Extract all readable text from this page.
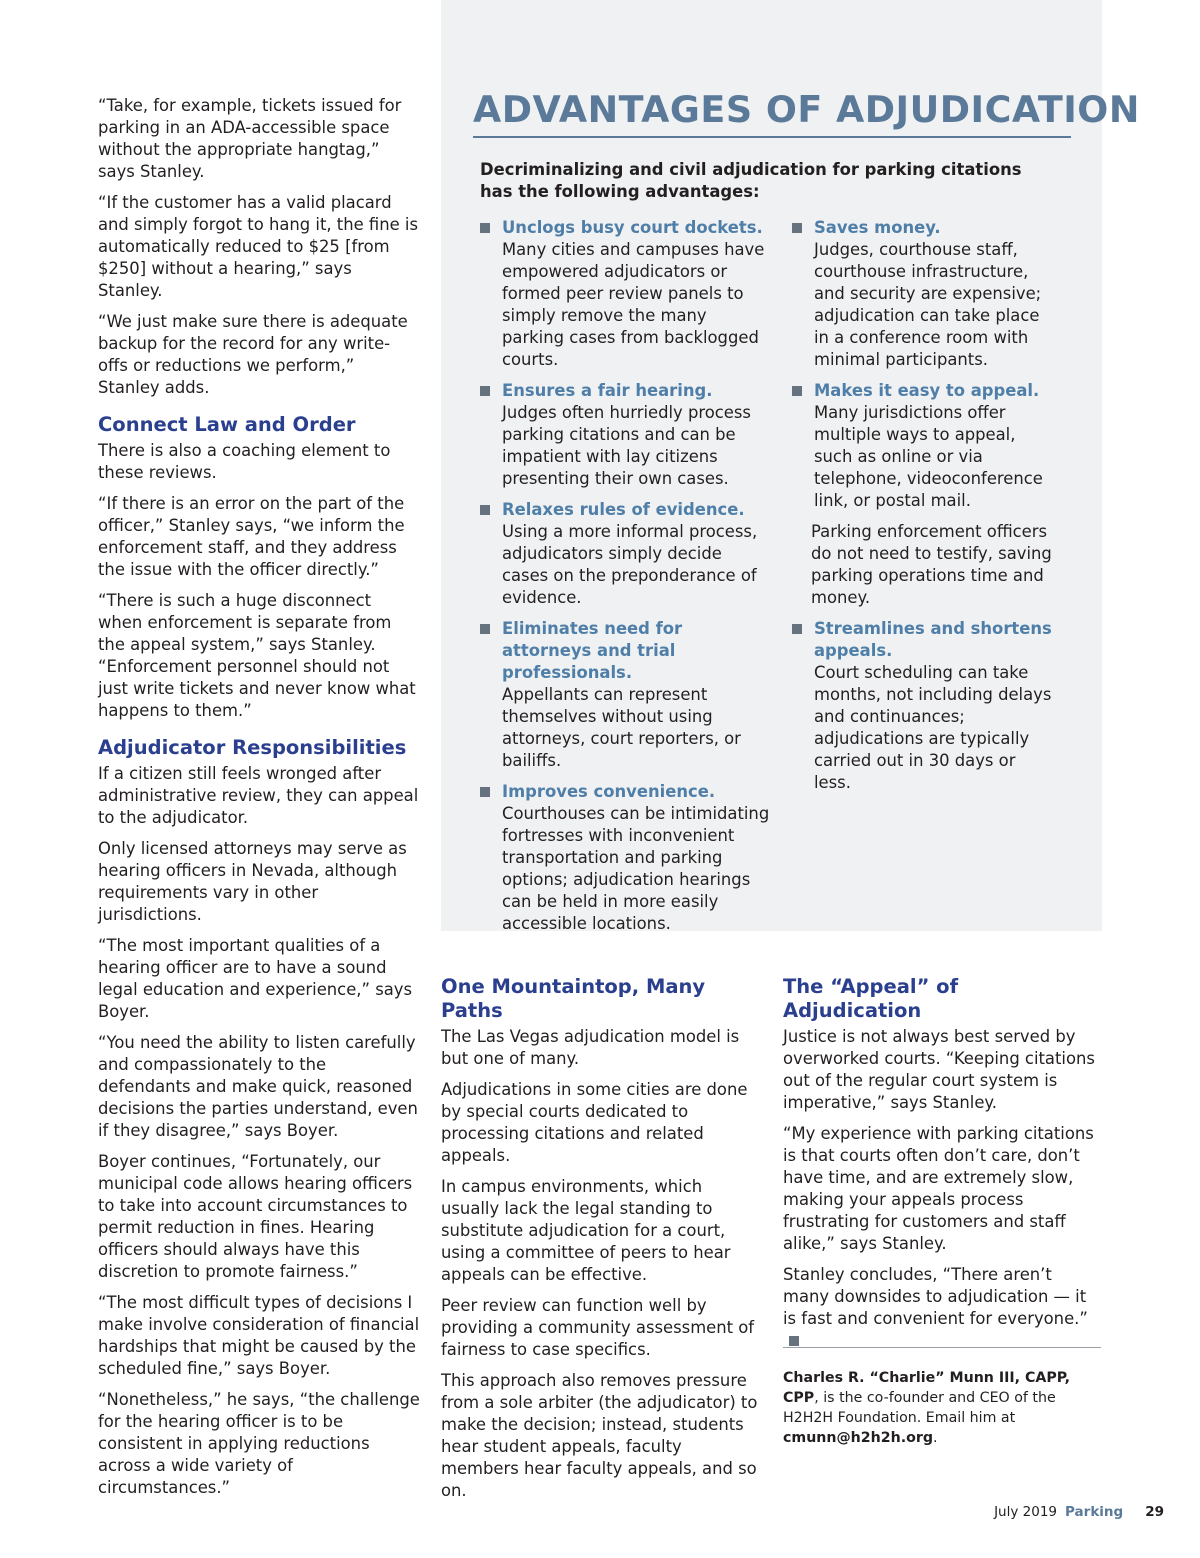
“Take, for example, tickets issued for parking in an ADA-accessible space without the appropriate hangtag,” says Stanley.

“If the customer has a valid placard and simply forgot to hang it, the fine is automatically reduced to $25 [from $250] without a hearing,” says Stanley.

“We just make sure there is adequate backup for the record for any write-offs or reductions we perform,” Stanley adds.

Connect Law and Order

There is also a coaching element to these reviews.

“If there is an error on the part of the officer,” Stanley says, “we inform the enforcement staff, and they address the issue with the officer directly.”

“There is such a huge disconnect when enforcement is separate from the appeal system,” says Stanley. “Enforcement personnel should not just write tickets and never know what happens to them.”

Adjudicator Responsibilities

If a citizen still feels wronged after administrative review, they can appeal to the adjudicator.

Only licensed attorneys may serve as hearing officers in Nevada, although requirements vary in other jurisdictions.

“The most important qualities of a hearing officer are to have a sound legal education and experience,” says Boyer.

“You need the ability to listen carefully and compassionately to the defendants and make quick, reasoned decisions the parties understand, even if they disagree,” says Boyer.

Boyer continues, “Fortunately, our municipal code allows hearing officers to take into account circumstances to permit reduction in fines. Hearing officers should always have this discretion to promote fairness.”

“The most difficult types of decisions I make involve consideration of financial hardships that might be caused by the scheduled fine,” says Boyer.

“Nonetheless,” he says, “the challenge for the hearing officer is to be consistent in applying reductions across a wide variety of circumstances.”

ADVANTAGES OF ADJUDICATION
Decriminalizing and civil adjudication for parking citations has the following advantages:
Unclogs busy court dockets.
Many cities and campuses have empowered adjudicators or formed peer review panels to simply remove the many parking cases from backlogged courts.
Ensures a fair hearing.
Judges often hurriedly process parking citations and can be impatient with lay citizens presenting their own cases.
Relaxes rules of evidence.
Using a more informal process, adjudicators simply decide cases on the preponderance of evidence.
Eliminates need for attorneys and trial professionals.
Appellants can represent themselves without using attorneys, court reporters, or bailiffs.
Improves convenience.
Courthouses can be intimidating fortresses with inconvenient transportation and parking options; adjudication hearings can be held in more easily accessible locations.
Saves money.
Judges, courthouse staff, courthouse infrastructure, and security are expensive; adjudication can take place in a conference room with minimal participants.
Makes it easy to appeal.
Many jurisdictions offer multiple ways to appeal, such as online or via telephone, videoconference link, or postal mail.
Parking enforcement officers do not need to testify, saving parking operations time and money.
Streamlines and shortens appeals.
Court scheduling can take months, not including delays and continuances; adjudications are typically carried out in 30 days or less.
One Mountaintop, Many Paths

The Las Vegas adjudication model is but one of many.

Adjudications in some cities are done by special courts dedicated to processing citations and related appeals.

In campus environments, which usually lack the legal standing to substitute adjudication for a court, using a committee of peers to hear appeals can be effective.

Peer review can function well by providing a community assessment of fairness to case specifics.

This approach also removes pressure from a sole arbiter (the adjudicator) to make the decision; instead, students hear student appeals, faculty members hear faculty appeals, and so on.

The “Appeal” of Adjudication

Justice is not always best served by overworked courts. “Keeping citations out of the regular court system is imperative,” says Stanley.

“My experience with parking citations is that courts often don’t care, don’t have time, and are extremely slow, making your appeals process frustrating for customers and staff alike,” says Stanley.

Stanley concludes, “There aren’t many downsides to adjudication — it is fast and convenient for everyone.”

Charles R. “Charlie” Munn III, CAPP, CPP, is the co-founder and CEO of the H2H2H Foundation. Email him at cmunn@h2h2h.org.
July 2019 Parking 29
